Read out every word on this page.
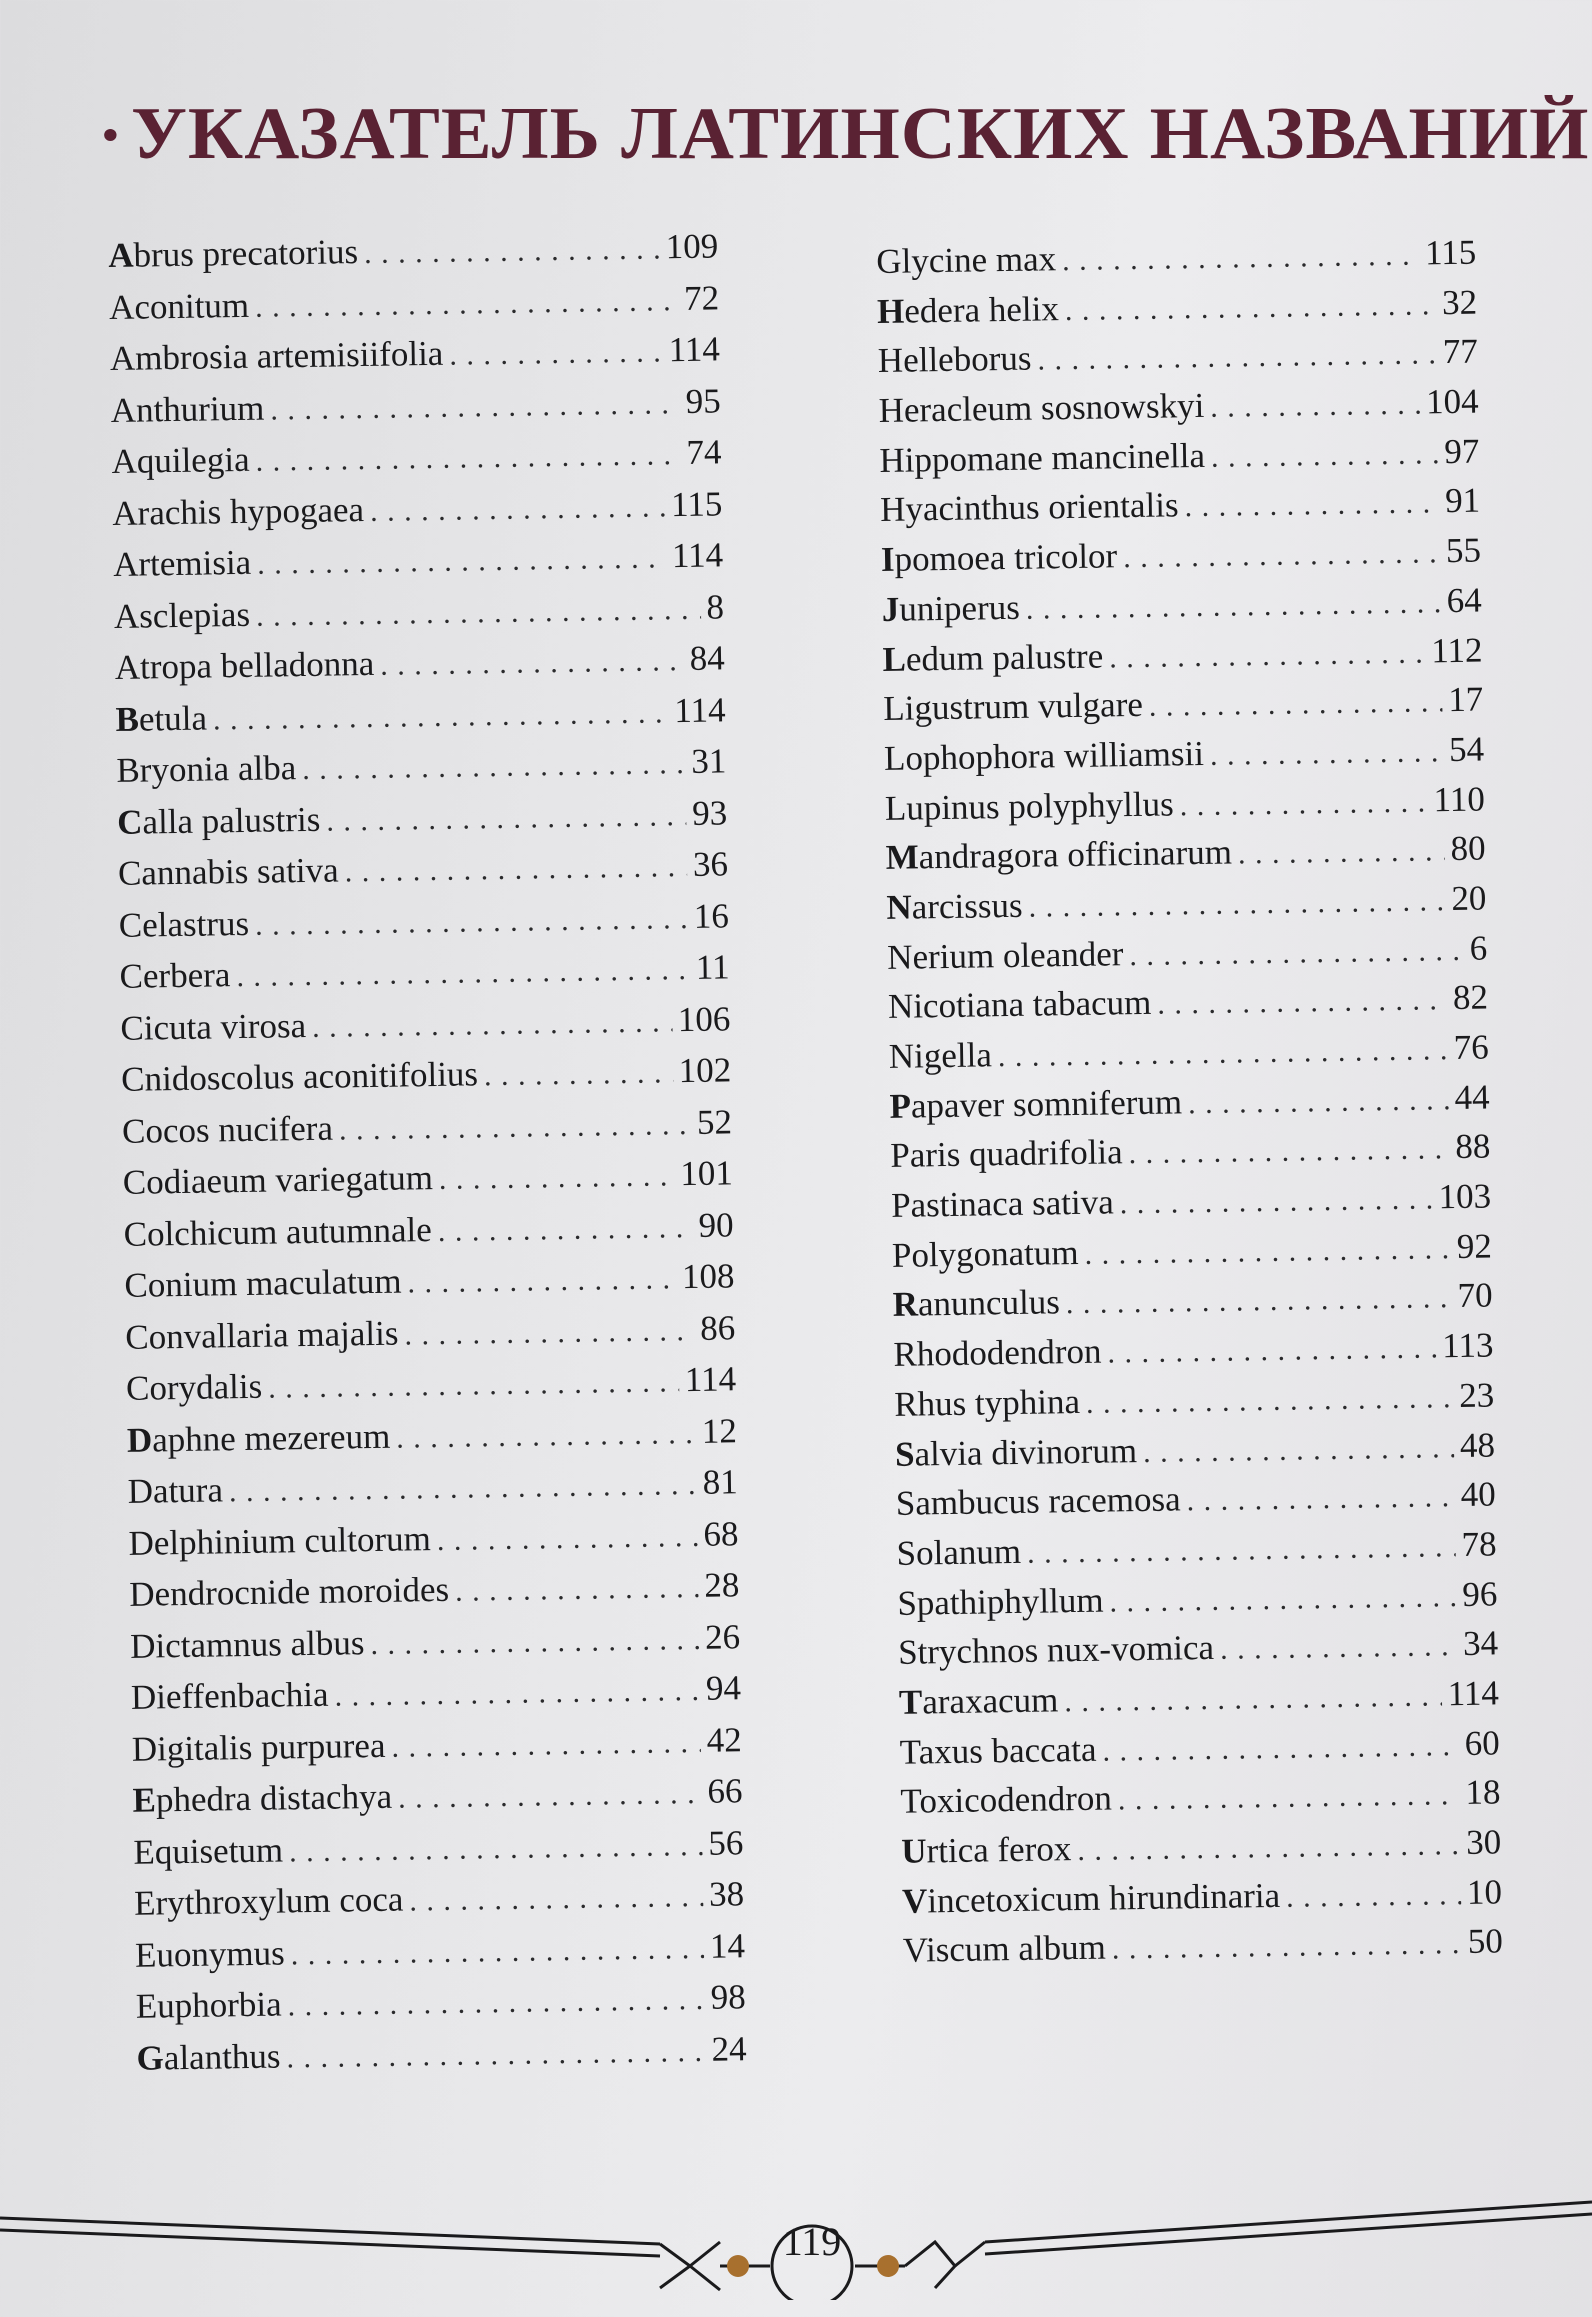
УКАЗАТЕЛЬ ЛАТИНСКИХ НАЗВАНИЙ
Abrus precatorius . . .	109
Aconitum . . .	72
Ambrosia artemisiifolia . . .	114
Anthurium . . .	95
Aquilegia . . .	74
Arachis hypogaea . . .	115
Artemisia . . .	114
Asclepias . . .	8
Atropa belladonna . . .	84
Betula . . .	114
Bryonia alba . . .	31
Calla palustris . . .	93
Cannabis sativa . . .	36
Celastrus . . .	16
Cerbera . . .	11
Cicuta virosa . . .	106
Cnidoscolus aconitifolius . . .	102
Cocos nucifera . . .	52
Codiaeum variegatum . . .	101
Colchicum autumnale . . .	90
Conium maculatum . . .	108
Convallaria majalis . . .	86
Corydalis . . .	114
Daphne mezereum . . .	12
Datura . . .	81
Delphinium cultorum . . .	68
Dendrocnide moroides . . .	28
Dictamnus albus . . .	26
Dieffenbachia . . .	94
Digitalis purpurea . . .	42
Ephedra distachya . . .	66
Equisetum . . .	56
Erythroxylum coca . . .	38
Euonymus . . .	14
Euphorbia . . .	98
Galanthus . . .	24
Glycine max . . .	115
Hedera helix . . .	32
Helleborus . . .	77
Heracleum sosnowskyi . . .	104
Hippomane mancinella . . .	97
Hyacinthus orientalis . . .	91
Ipomoea tricolor . . .	55
Juniperus . . .	64
Ledum palustre . . .	112
Ligustrum vulgare . . .	17
Lophophora williamsii . . .	54
Lupinus polyphyllus . . .	110
Mandragora officinarum . . .	80
Narcissus . . .	20
Nerium oleander . . .	6
Nicotiana tabacum . . .	82
Nigella . . .	76
Papaver somniferum . . .	44
Paris quadrifolia . . .	88
Pastinaca sativa . . .	103
Polygonatum . . .	92
Ranunculus . . .	70
Rhododendron . . .	113
Rhus typhina . . .	23
Salvia divinorum . . .	48
Sambucus racemosa . . .	40
Solanum . . .	78
Spathiphyllum . . .	96
Strychnos nux-vomica . . .	34
Taraxacum . . .	114
Taxus baccata . . .	60
Toxicodendron . . .	18
Urtica ferox . . .	30
Vincetoxicum hirundinaria . . .	10
Viscum album . . .	50
119
